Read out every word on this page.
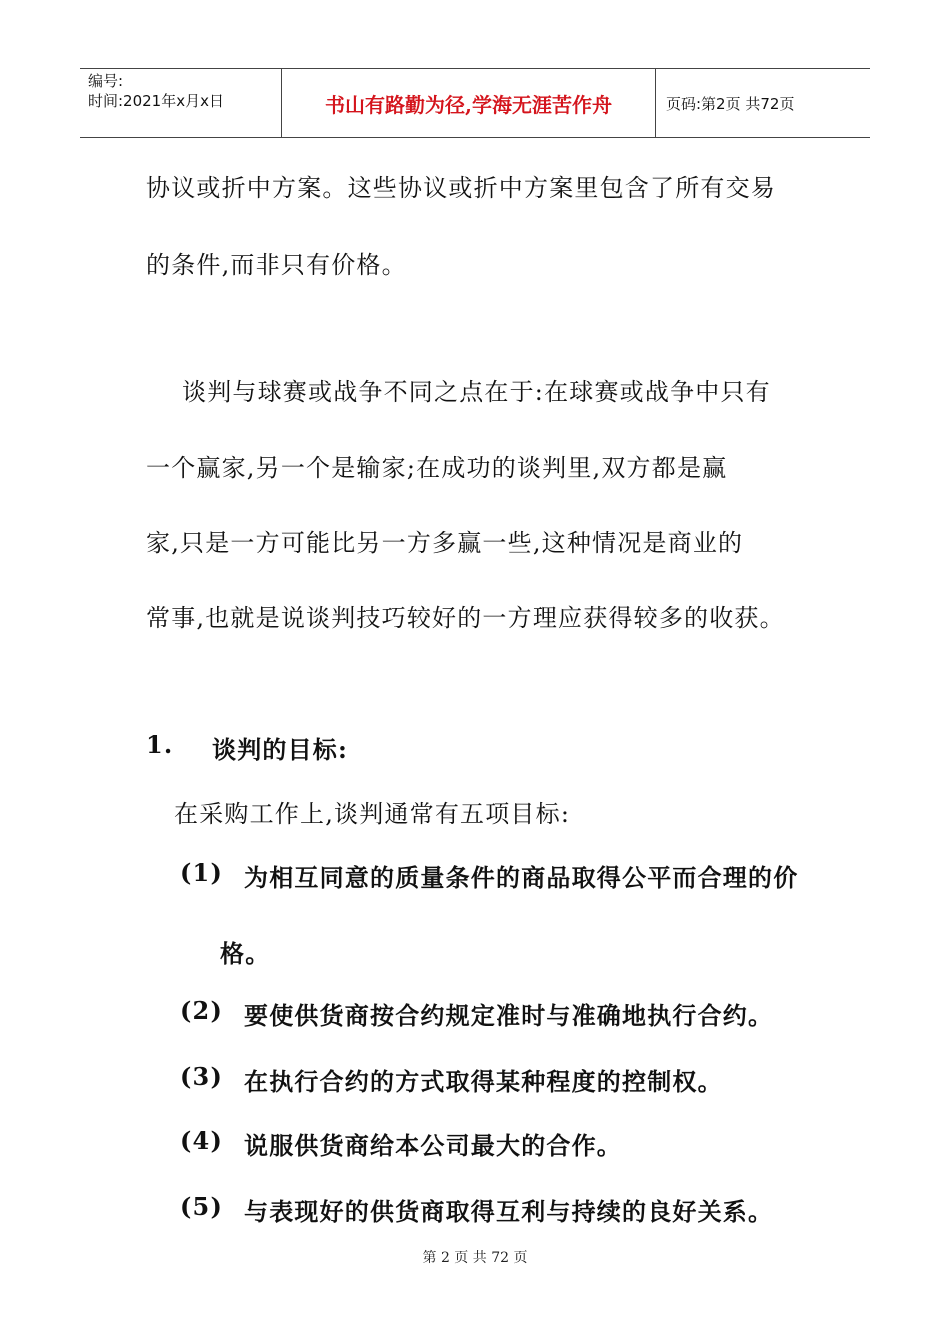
编号:
时间:2021年x月x日	书山有路勤为径,学海无涯苦作舟	页码:第2页 共72页
协议或折中方案。这些协议或折中方案里包含了所有交易
的条件,而非只有价格。
谈判与球赛或战争不同之点在于:在球赛或战争中只有
一个赢家,另一个是输家;在成功的谈判里,双方都是赢
家,只是一方可能比另一方多赢一些,这种情况是商业的
常事,也就是说谈判技巧较好的一方理应获得较多的收获。
1.	谈判的目标:
在采购工作上,谈判通常有五项目标:
(1) 为相互同意的质量条件的商品取得公平而合理的价
格。
(2) 要使供货商按合约规定准时与准确地执行合约。
(3) 在执行合约的方式取得某种程度的控制权。
(4) 说服供货商给本公司最大的合作。
(5) 与表现好的供货商取得互利与持续的良好关系。
第 2 页 共 72 页
